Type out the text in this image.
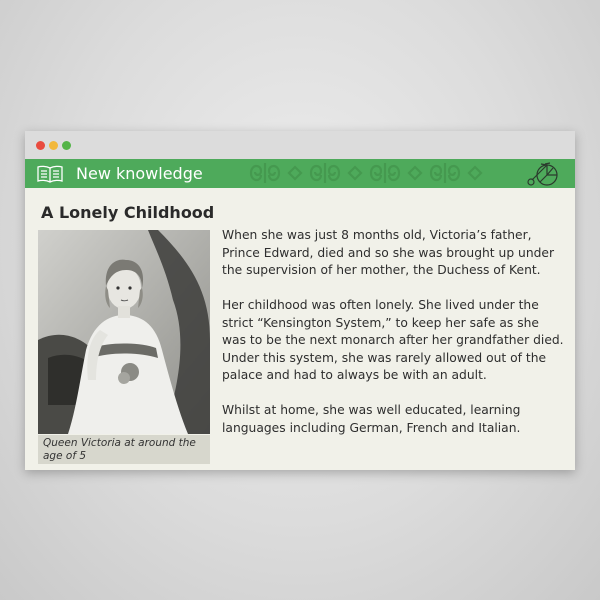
New knowledge
A Lonely Childhood
Queen Victoria at around the age of 5

When she was just 8 months old, Victoria’s father, Prince Edward, died and so she was brought up under the supervision of her mother, the Duchess of Kent.

Her childhood was often lonely. She lived under the strict “Kensington System,” to keep her safe as she was to be the next monarch after her grandfather died. Under this system, she was rarely allowed out of the palace and had to always be with an adult.

Whilst at home, she was well educated, learning languages including German, French and Italian.
